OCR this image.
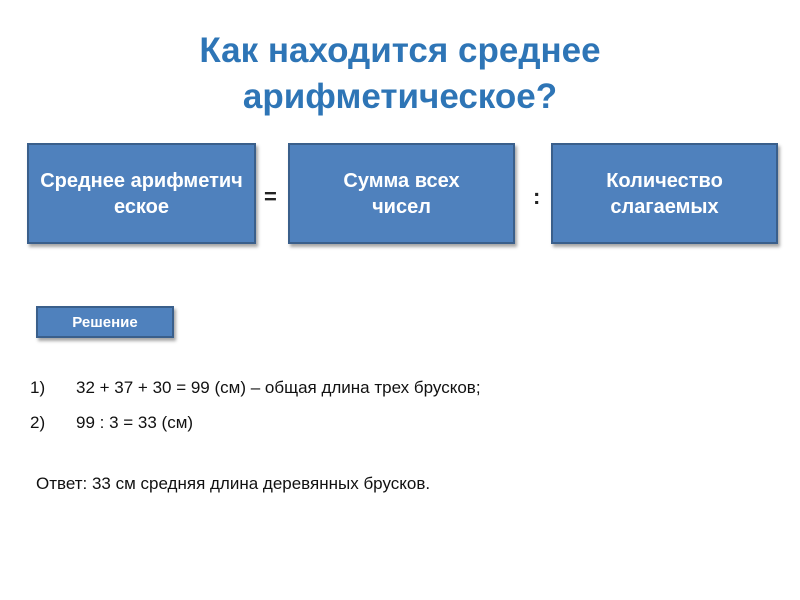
Как находится среднее
арифметическое?
Среднее арифметическое	=
Сумма всех
чисел	:
Количество
слагаемых
Решение
1) 32 + 37 + 30 = 99 (см) – общая длина трех брусков;
2) 99 : 3 = 33 (см)
Ответ: 33 см средняя длина деревянных брусков.
